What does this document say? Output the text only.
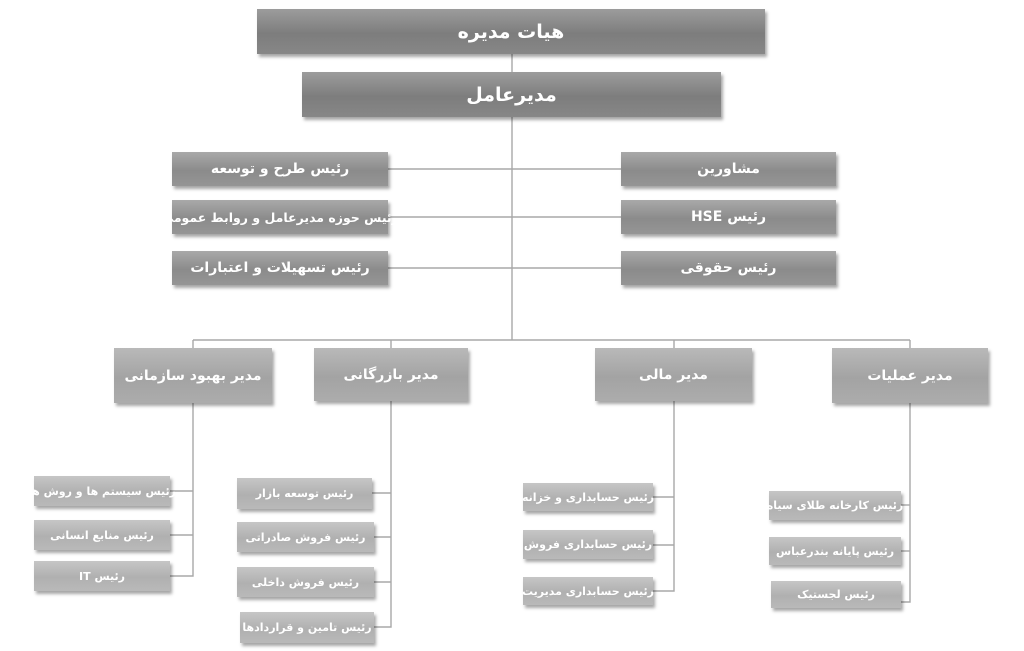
هیات مدیره
مدیرعامل
رئیس طرح و توسعه
رئیس حوزه مدیرعامل و روابط عمومی
رئیس تسهیلات و اعتبارات
مشاورین
رئیس HSE
رئیس حقوقی
مدیر بهبود سازمانی	مدیر بازرگانی	مدیر مالی	مدیر عملیات
رئیس کارخانه طلای سیاه
رئیس پایانه بندرعباس
رئیس لجستیک
رئیس حسابداری و خزانه
رئیس حسابداری فروش
رئیس حسابداری مدیریت
رئیس توسعه بازار
رئیس فروش صادراتی
رئیس فروش داخلی
رئیس تامین و قراردادها
رئیس سیستم ها و روش ها
رئیس منابع انسانی
رئیس IT
